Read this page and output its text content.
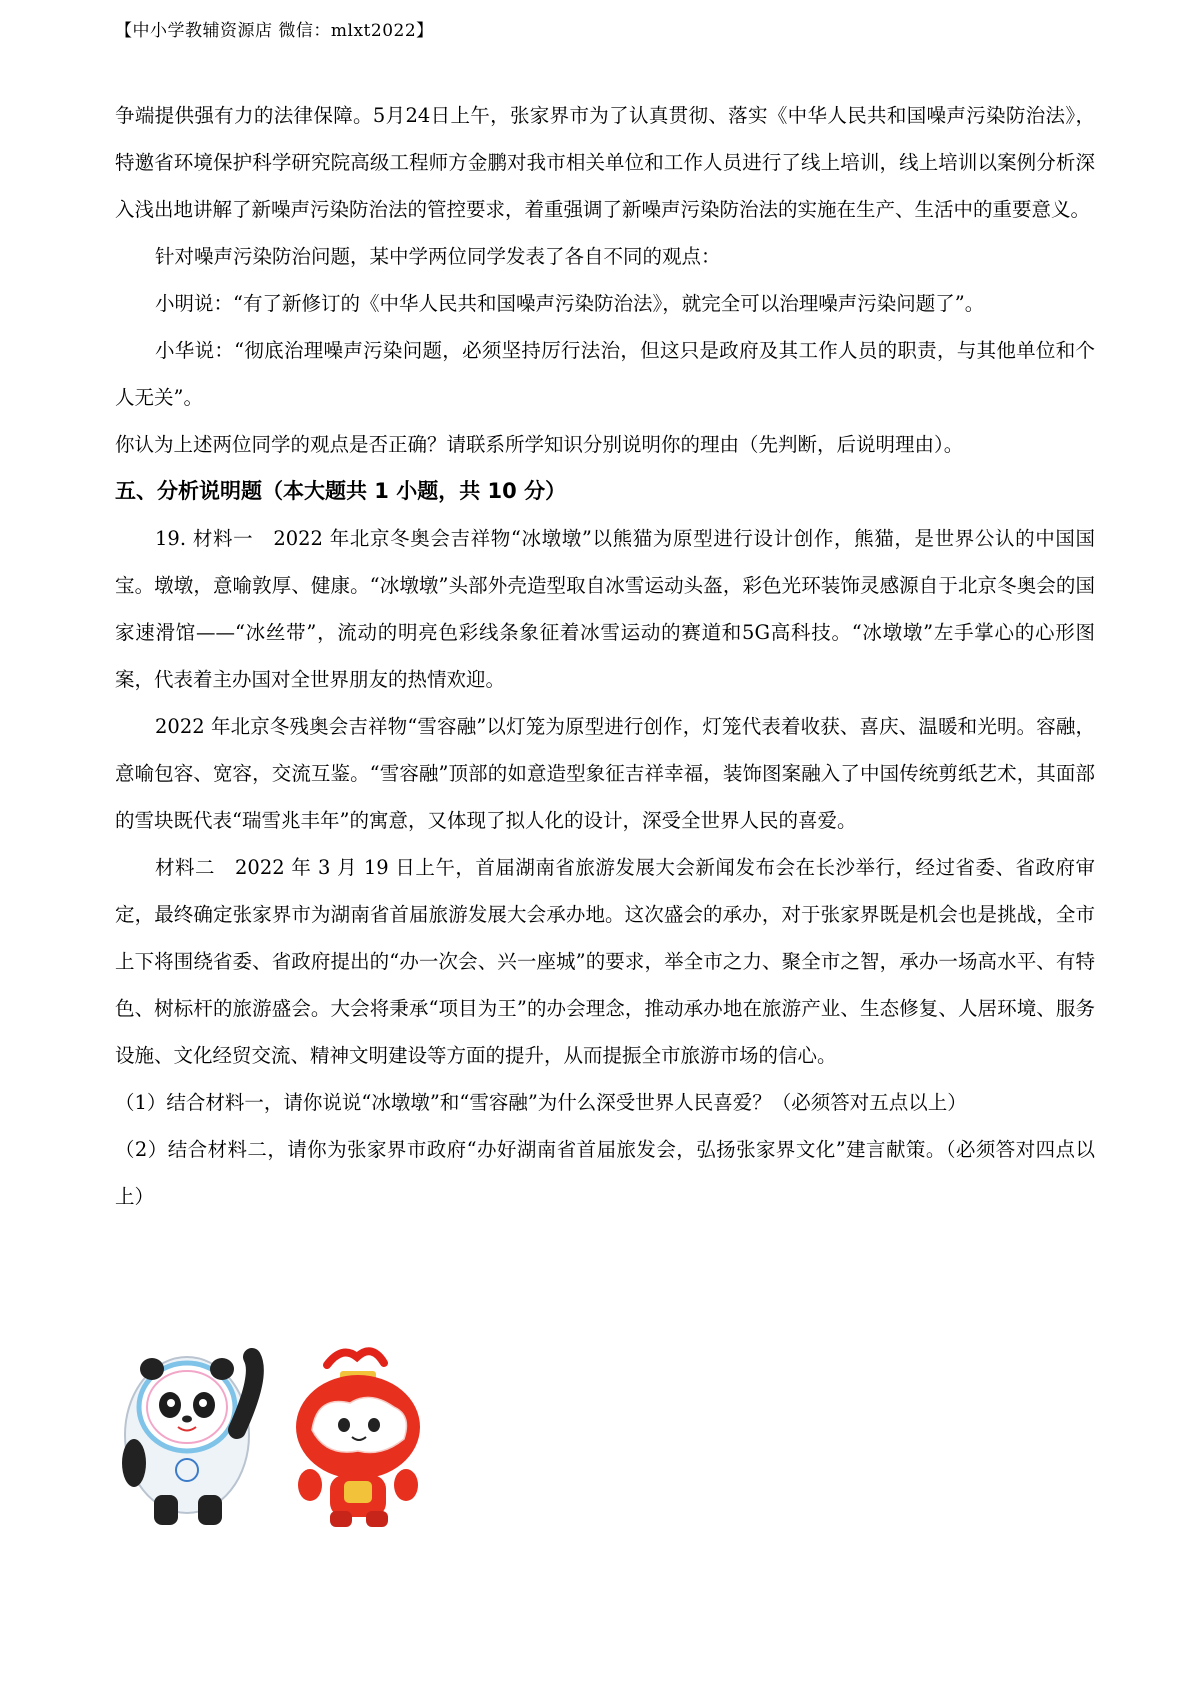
【中小学教辅资源店 微信：mlxt2022】

争端提供强有力的法律保障。5月24日上午，张家界市为了认真贯彻、落实《中华人民共和国噪声污染防治法》，特邀省环境保护科学研究院高级工程师方金鹏对我市相关单位和工作人员进行了线上培训，线上培训以案例分析深入浅出地讲解了新噪声污染防治法的管控要求，着重强调了新噪声污染防治法的实施在生产、生活中的重要意义。

针对噪声污染防治问题，某中学两位同学发表了各自不同的观点：

小明说：“有了新修订的《中华人民共和国噪声污染防治法》，就完全可以治理噪声污染问题了”。

小华说：“彻底治理噪声污染问题，必须坚持厉行法治，但这只是政府及其工作人员的职责，与其他单位和个人无关”。

你认为上述两位同学的观点是否正确？请联系所学知识分别说明你的理由（先判断，后说明理由）。

五、分析说明题（本大题共 1 小题，共 10 分）

19. 材料一　2022 年北京冬奥会吉祥物“冰墩墩”以熊猫为原型进行设计创作，熊猫，是世界公认的中国国宝。墩墩，意喻敦厚、健康。“冰墩墩”头部外壳造型取自冰雪运动头盔，彩色光环装饰灵感源自于北京冬奥会的国家速滑馆——“冰丝带”，流动的明亮色彩线条象征着冰雪运动的赛道和5G高科技。“冰墩墩”左手掌心的心形图案，代表着主办国对全世界朋友的热情欢迎。

2022 年北京冬残奥会吉祥物“雪容融”以灯笼为原型进行创作，灯笼代表着收获、喜庆、温暖和光明。容融，意喻包容、宽容，交流互鉴。“雪容融”顶部的如意造型象征吉祥幸福，装饰图案融入了中国传统剪纸艺术，其面部的雪块既代表“瑞雪兆丰年”的寓意，又体现了拟人化的设计，深受全世界人民的喜爱。

材料二　2022 年 3 月 19 日上午，首届湖南省旅游发展大会新闻发布会在长沙举行，经过省委、省政府审定，最终确定张家界市为湖南省首届旅游发展大会承办地。这次盛会的承办，对于张家界既是机会也是挑战，全市上下将围绕省委、省政府提出的“办一次会、兴一座城”的要求，举全市之力、聚全市之智，承办一场高水平、有特色、树标杆的旅游盛会。大会将秉承“项目为王”的办会理念，推动承办地在旅游产业、生态修复、人居环境、服务设施、文化经贸交流、精神文明建设等方面的提升，从而提振全市旅游市场的信心。

（1）结合材料一，请你说说“冰墩墩”和“雪容融”为什么深受世界人民喜爱？（必须答对五点以上）

（2）结合材料二，请你为张家界市政府“办好湖南省首届旅发会，弘扬张家界文化”建言献策。（必须答对四点以上）
